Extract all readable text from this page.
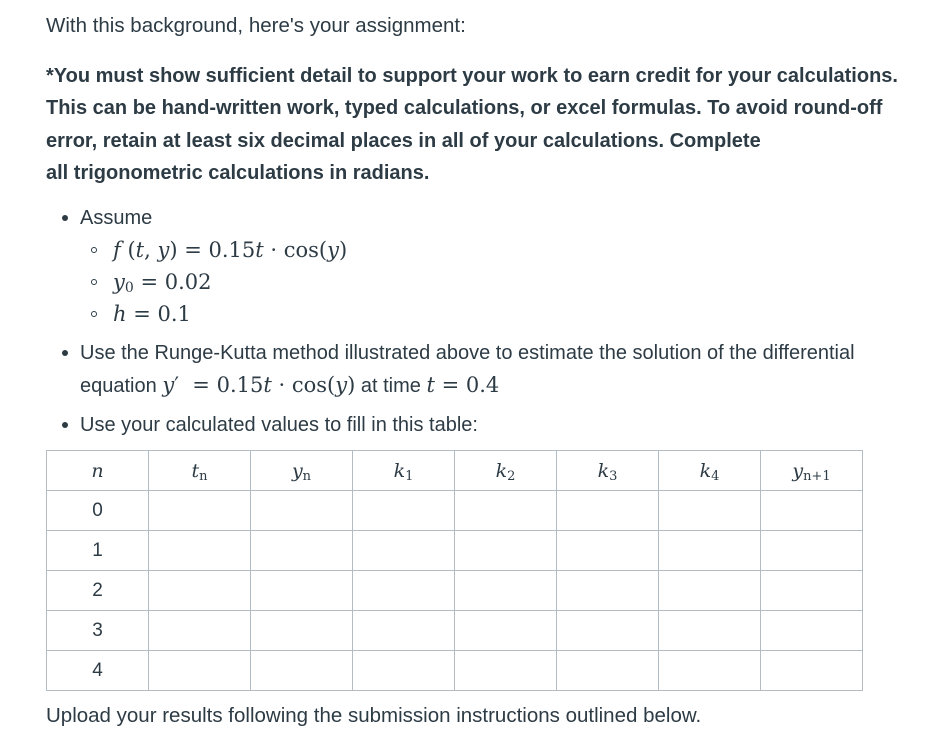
With this background, here's your assignment:

*You must show sufficient detail to support your work to earn credit for your calculations.
This can be hand-written work, typed calculations, or excel formulas. To avoid round-off
error, retain at least six decimal places in all of your calculations. Complete
all trigonometric calculations in radians.
Assume
f (t, y) = 0.15t · cos(y)
$y_0 = 0.02$
h = 0.1
Use the Runge-Kutta method illustrated above to estimate the solution of the differential
equation y′  = 0.15t · cos(y) at time t = 0.4
Use your calculated values to fill in this table:
n	tn	yn	k1	k2	k3	k4	yn+1
0							
1							
2							
3							
4							

Upload your results following the submission instructions outlined below.
